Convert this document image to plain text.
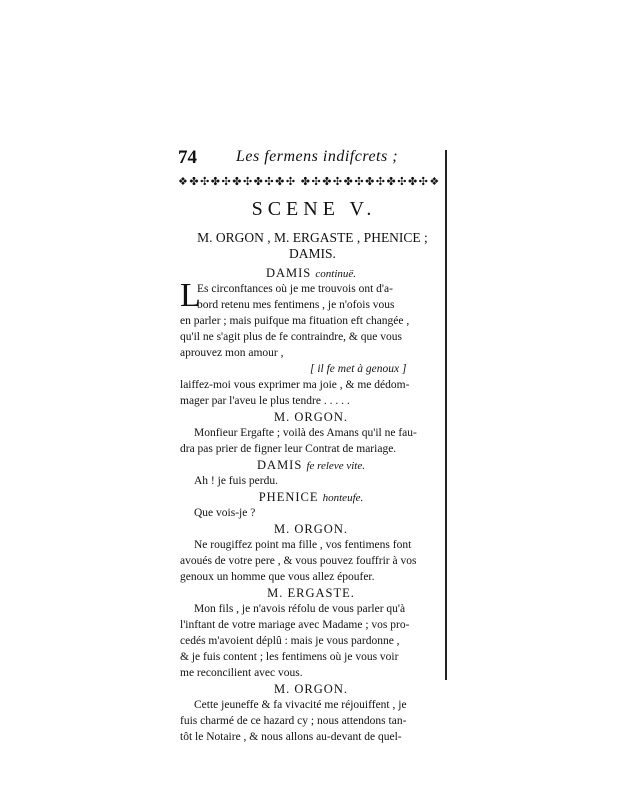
74 Les fermens indifcrets ;
❖✤✣✤✣✤✣✤✣✤✣ ✤✣✤✣✤✣✤✣✤✣✤✣❖
SCENE V.
M. ORGON , M. ERGASTE , PHENICE ;
DAMIS.
DAMIS continuë.
L
Es circonftances où je me trouvois ont d'a-
bord retenu mes fentimens , je n'ofois vous
en parler ; mais puifque ma fituation eft changée ,
qu'il ne s'agit plus de fe contraindre, & que vous
aprouvez mon amour ,
[ il fe met à genoux ]
laiffez-moi vous exprimer ma joie , & me dédom-
mager par l'aveu le plus tendre . . . . .
M. ORGON.
Monfieur Ergafte ; voilà des Amans qu'il ne fau-
dra pas prier de figner leur Contrat de mariage.
DAMIS fe releve vite.
Ah ! je fuis perdu.
PHENICE honteufe.
Que vois-je ?
M. ORGON.
Ne rougiffez point ma fille , vos fentimens font
avoués de votre pere , & vous pouvez fouffrir à vos
genoux un homme que vous allez époufer.
M. ERGASTE.
Mon fils , je n'avois réfolu de vous parler qu'à
l'inftant de votre mariage avec Madame ; vos pro-
cedés m'avoient déplû : mais je vous pardonne ,
& je fuis content ; les fentimens où je vous voir
me reconcilient avec vous.
M. ORGON.
Cette jeuneffe & fa vivacité me réjouiffent , je
fuis charmé de ce hazard cy ; nous attendons tan-
tôt le Notaire , & nous allons au-devant de quel-
